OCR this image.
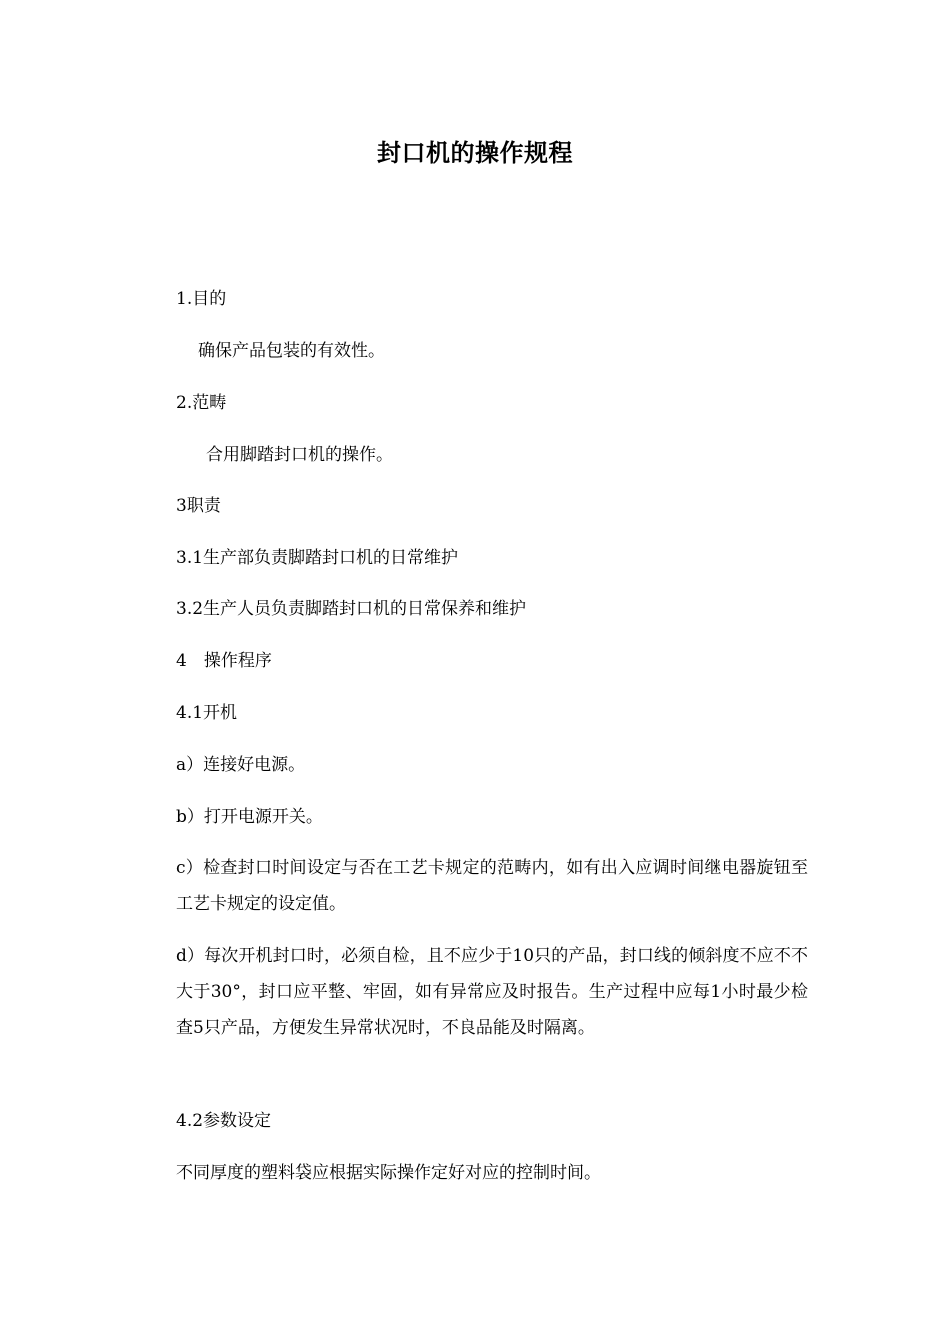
封口机的操作规程
1.目的
确保产品包装的有效性。
2.范畴
合用脚踏封口机的操作。
3职责
3.1生产部负责脚踏封口机的日常维护
3.2生产人员负责脚踏封口机的日常保养和维护
4　操作程序
4.1开机
a）连接好电源。
b）打开电源开关。
c）检查封口时间设定与否在工艺卡规定的范畴内，如有出入应调时间继电器旋钮至工艺卡规定的设定值。
d）每次开机封口时，必须自检，且不应少于10只的产品，封口线的倾斜度不应不不大于30°，封口应平整、牢固，如有异常应及时报告。生产过程中应每1小时最少检查5只产品，方便发生异常状况时，不良品能及时隔离。
4.2参数设定
不同厚度的塑料袋应根据实际操作定好对应的控制时间。
